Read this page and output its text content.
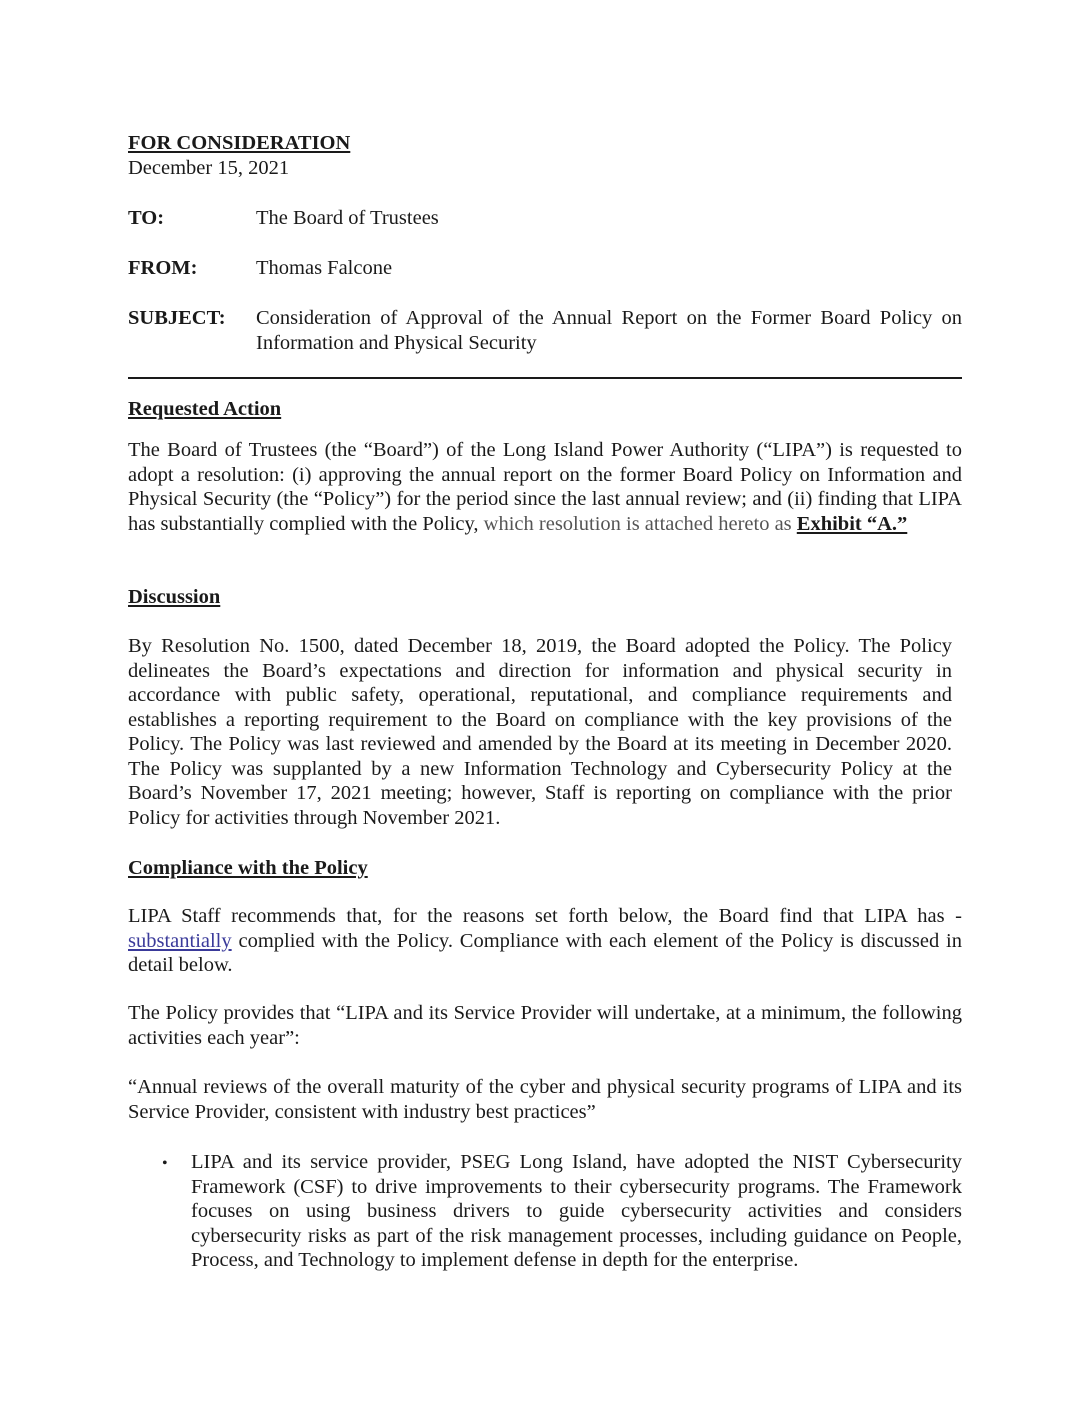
FOR CONSIDERATION
December 15, 2021
TO:	The Board of Trustees
FROM:	Thomas Falcone
SUBJECT: Consideration of Approval of the Annual Report on the Former Board Policy on Information and Physical Security
Requested Action
The Board of Trustees (the “Board”) of the Long Island Power Authority (“LIPA”) is requested to adopt a resolution: (i) approving the annual report on the former Board Policy on Information and Physical Security (the “Policy”) for the period since the last annual review; and (ii) finding that LIPA has substantially complied with the Policy, which resolution is attached hereto as Exhibit “A.”
Discussion
By Resolution No. 1500, dated December 18, 2019, the Board adopted the Policy. The Policy delineates the Board’s expectations and direction for information and physical security in accordance with public safety, operational, reputational, and compliance requirements and establishes a reporting requirement to the Board on compliance with the key provisions of the Policy. The Policy was last reviewed and amended by the Board at its meeting in December 2020. The Policy was supplanted by a new Information Technology and Cybersecurity Policy at the Board’s November 17, 2021 meeting; however, Staff is reporting on compliance with the prior Policy for activities through November 2021.
Compliance with the Policy
LIPA Staff recommends that, for the reasons set forth below, the Board find that LIPA has - substantially complied with the Policy. Compliance with each element of the Policy is discussed in detail below.
The Policy provides that “LIPA and its Service Provider will undertake, at a minimum, the following activities each year”:
“Annual reviews of the overall maturity of the cyber and physical security programs of LIPA and its Service Provider, consistent with industry best practices”
• LIPA and its service provider, PSEG Long Island, have adopted the NIST Cybersecurity Framework (CSF) to drive improvements to their cybersecurity programs. The Framework focuses on using business drivers to guide cybersecurity activities and considers cybersecurity risks as part of the risk management processes, including guidance on People, Process, and Technology to implement defense in depth for the enterprise.
